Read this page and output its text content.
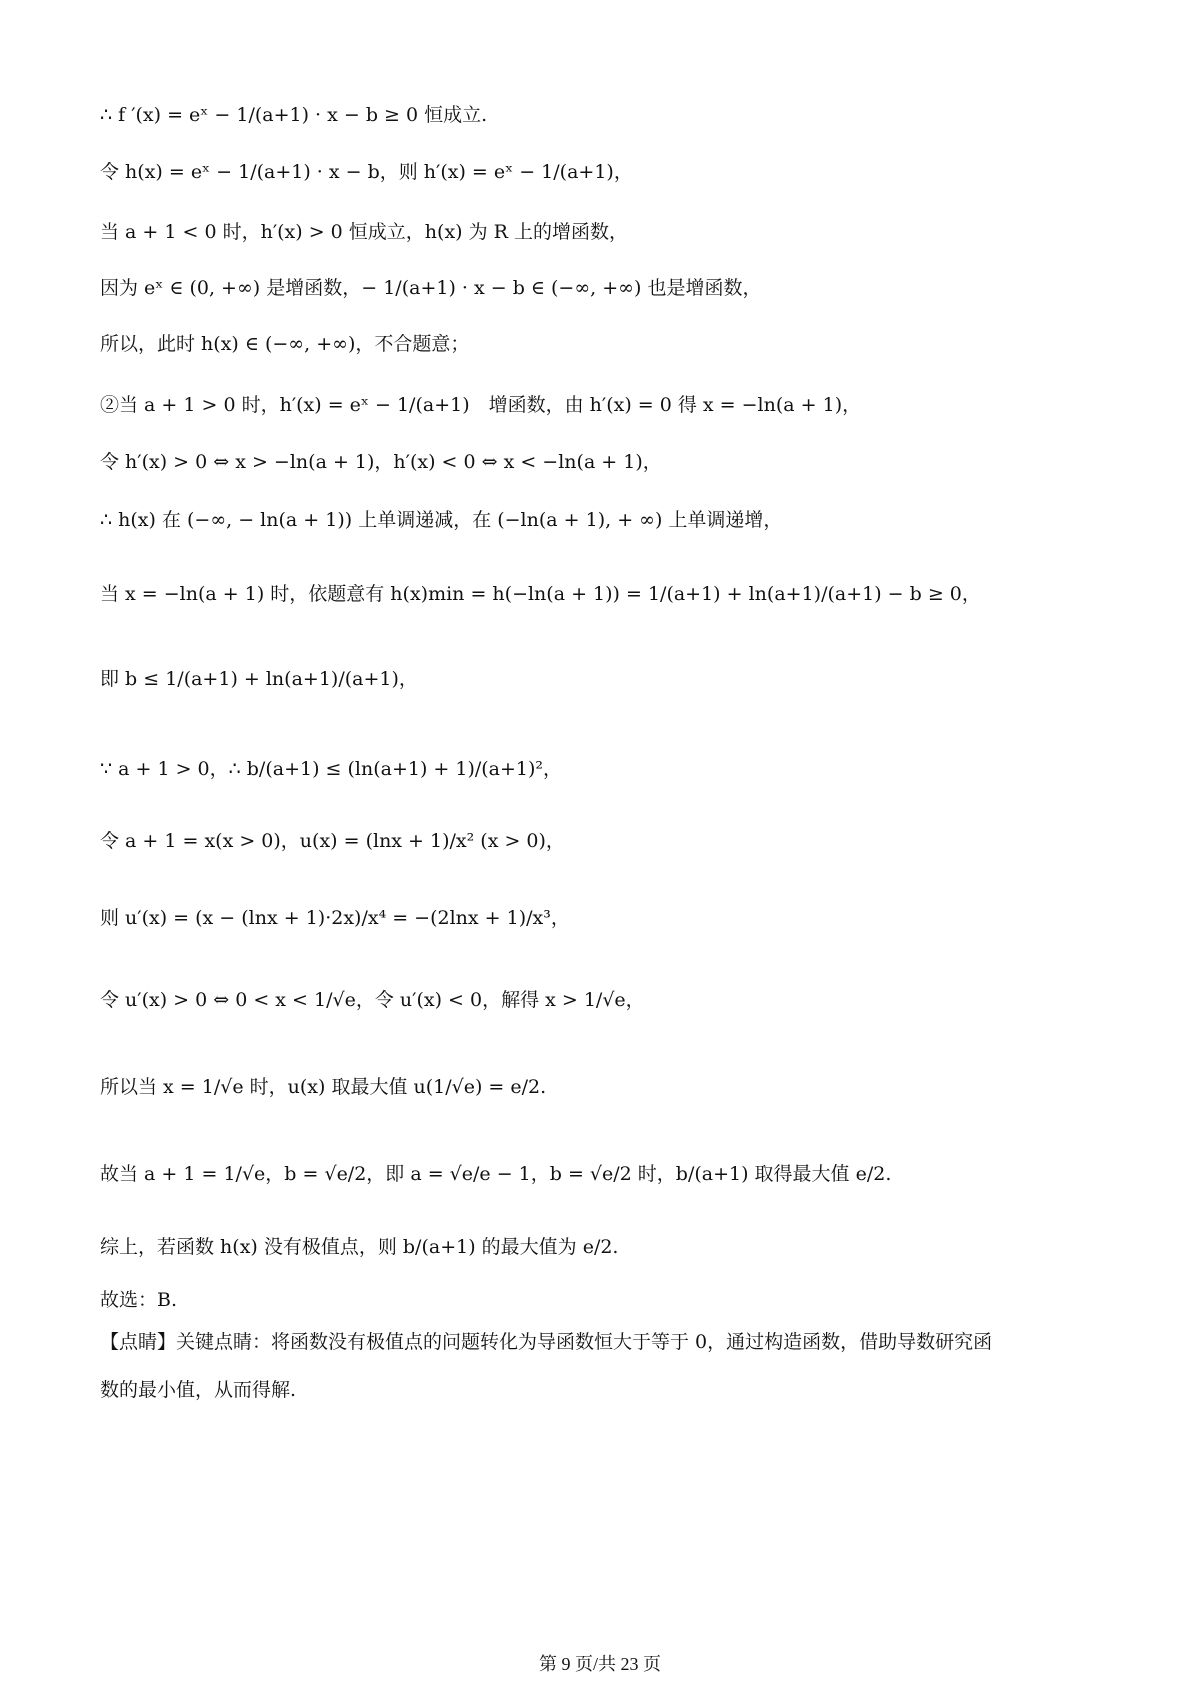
∴ f ′(x) = eˣ − 1/(a+1) · x − b ≥ 0 恒成立.
令 h(x) = eˣ − 1/(a+1) · x − b，则 h′(x) = eˣ − 1/(a+1)，
当 a + 1 < 0 时，h′(x) > 0 恒成立，h(x) 为 R 上的增函数，
因为 eˣ ∈ (0, +∞) 是增函数，− 1/(a+1) · x − b ∈ (−∞, +∞) 也是增函数，
所以，此时 h(x) ∈ (−∞, +∞)，不合题意；
②当 a + 1 > 0 时，h′(x) = eˣ − 1/(a+1)　增函数，由 h′(x) = 0 得 x = −ln(a + 1)，
令 h′(x) > 0 ⇔ x > −ln(a + 1)，h′(x) < 0 ⇔ x < −ln(a + 1)，
∴ h(x) 在 (−∞, − ln(a + 1)) 上单调递减，在 (−ln(a + 1), + ∞) 上单调递增，
当 x = −ln(a + 1) 时，依题意有 h(x)min = h(−ln(a + 1)) = 1/(a+1) + ln(a+1)/(a+1) − b ≥ 0，
即 b ≤ 1/(a+1) + ln(a+1)/(a+1)，
∵ a + 1 > 0，∴ b/(a+1) ≤ (ln(a+1) + 1)/(a+1)²，
令 a + 1 = x(x > 0)，u(x) = (lnx + 1)/x² (x > 0)，
则 u′(x) = (x − (lnx + 1)·2x)/x⁴ = −(2lnx + 1)/x³，
令 u′(x) > 0 ⇔ 0 < x < 1/√e，令 u′(x) < 0，解得 x > 1/√e，
所以当 x = 1/√e 时，u(x) 取最大值 u(1/√e) = e/2.
故当 a + 1 = 1/√e，b = √e/2，即 a = √e/e − 1，b = √e/2 时，b/(a+1) 取得最大值 e/2.
综上，若函数 h(x) 没有极值点，则 b/(a+1) 的最大值为 e/2.
故选：B.
【点睛】关键点睛：将函数没有极值点的问题转化为导函数恒大于等于 0，通过构造函数，借助导数研究函
数的最小值，从而得解.
第 9 页/共 23 页
